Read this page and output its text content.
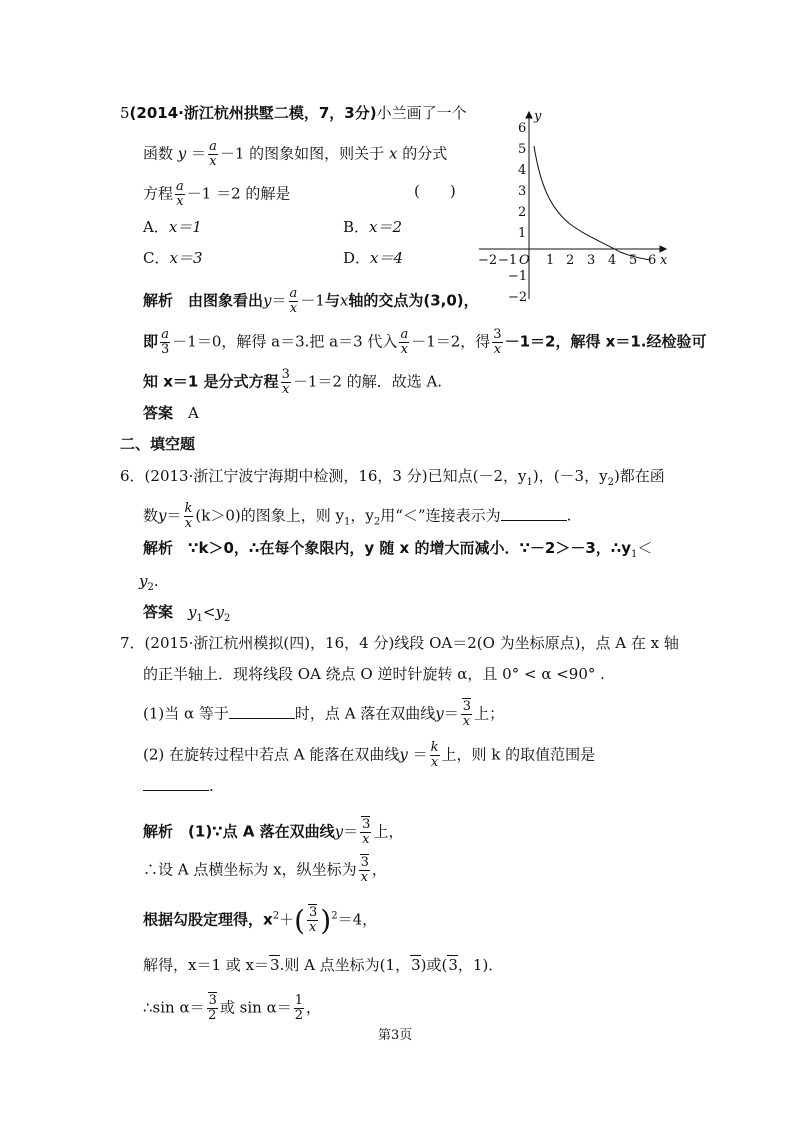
5(2014·浙江杭州拱墅二模，7，3分)小兰画了一个
函数 $y = \frac{a}{x} -1$ 的图象如图，则关于 x 的分式
方程 $\frac{a}{x} -1 =2$ 的解是	(　　)
A．x＝1	B．x＝2
C．x＝3	D．x＝4
y
x
6
5
4
3
2
1
−1
−2
−2 −1 O 1 2 3 4 5 6
解析　 由图象看出$y= \frac{a}{x} -1$与x轴的交点为(3,0)，
即 $\frac{a}{3} -1=0$，解得 a＝3.把 a＝3 代入 $\frac{a}{x} -1=2$，得 $\frac{3}{x} -1=2$，解得 x＝1.经检验可
知 x＝1 是分式方程 $\frac{3}{x} -1=2$ 的解．故选 A.
答案　 A
二、填空题
6．(2013·浙江宁波宁海期中检测，16，3 分)已知点(－2，$y_1$)，(－3，$y_2$)都在函
数$y= \frac{k}{x} (k>0)$的图象上，则 $y_1$，$y_2$用“＜”连接表示为	.
解析　 ∵k＞0，∴在每个象限内，y 随 x 的增大而减小．∵－2＞－3，$\therefore y_1<$
$y_2$.
答案　 $y_1<y_2$
7．(2015·浙江杭州模拟(四)，16，4 分)线段 OA＝2(O 为坐标原点)，点 A 在 x 轴
的正半轴上．现将线段 OA 绕点 O 逆时针旋转 α，且 0° < α <90° .
(1)当 α 等于	时，点 A 落在双曲线$y= \frac{3}{x}$ 上；
(2) 在旋转过程中若点 A 能落在双曲线$y = \frac{k}{x}$ 上，则 k 的取值范围是
.
解析　 (1)∵点 A 落在双曲线$y= \frac{3}{x}$ 上，
∴设 A 点横坐标为 x，纵坐标为 $\frac{3}{x}$ ，
根据勾股定理得，$x^2+( \frac{3}{x} )^2=4$，
解得，x＝1 或 x＝3.则 A 点坐标为(1，3)或(3，1)．
∴sin $\alpha= \frac{3}{2}$ 或 $\sin \alpha= \frac{1}{2}$ ，
第3页
